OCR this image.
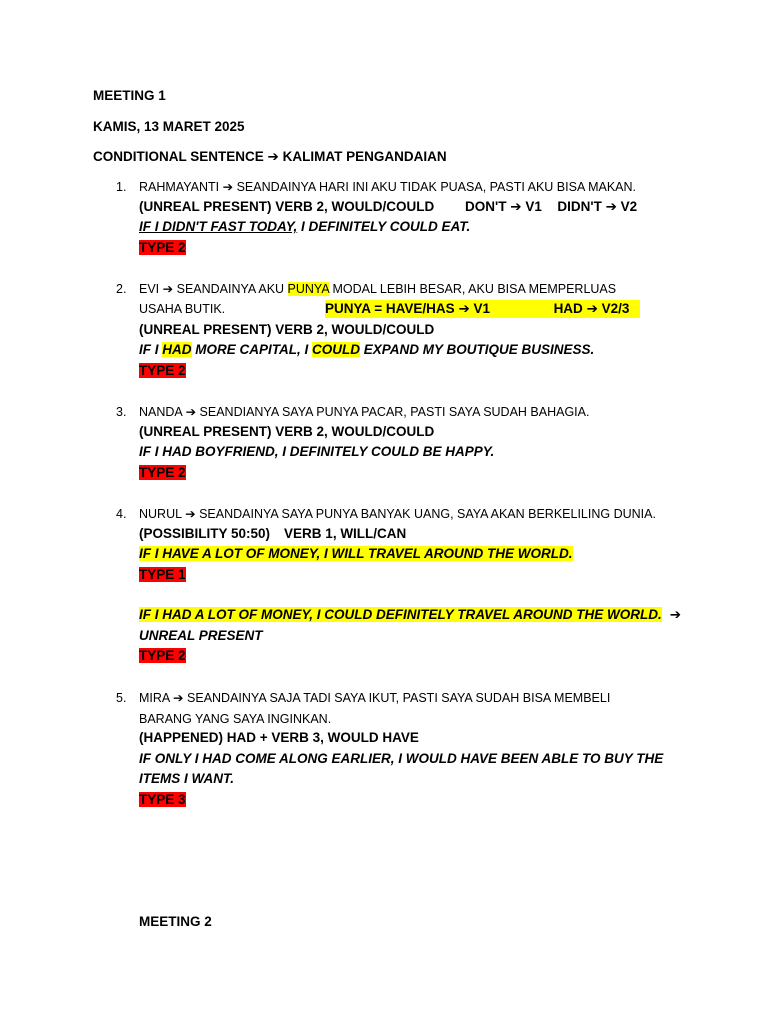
MEETING 1
KAMIS, 13 MARET 2025
CONDITIONAL SENTENCE ➔ KALIMAT PENGANDAIAN
1. RAHMAYANTI ➔ SEANDAINYA HARI INI AKU TIDAK PUASA, PASTI AKU BISA MAKAN.
(UNREAL PRESENT) VERB 2, WOULD/COULD DON'T ➔ V1 DIDN'T ➔ V2
IF I DIDN'T FAST TODAY, I DEFINITELY COULD EAT.
TYPE 2
2. EVI ➔ SEANDAINYA AKU PUNYA MODAL LEBIH BESAR, AKU BISA MEMPERLUAS
USAHA BUTIK.	PUNYA = HAVE/HAS ➔ V1	HAD ➔ V2/3
(UNREAL PRESENT) VERB 2, WOULD/COULD
IF I HAD MORE CAPITAL, I COULD EXPAND MY BOUTIQUE BUSINESS.
TYPE 2
3. NANDA ➔ SEANDIANYA SAYA PUNYA PACAR, PASTI SAYA SUDAH BAHAGIA.
(UNREAL PRESENT) VERB 2, WOULD/COULD
IF I HAD BOYFRIEND, I DEFINITELY COULD BE HAPPY.
TYPE 2
4. NURUL ➔ SEANDAINYA SAYA PUNYA BANYAK UANG, SAYA AKAN BERKELILING DUNIA.
(POSSIBILITY 50:50) VERB 1, WILL/CAN
IF I HAVE A LOT OF MONEY, I WILL TRAVEL AROUND THE WORLD.
TYPE 1
IF I HAD A LOT OF MONEY, I COULD DEFINITELY TRAVEL AROUND THE WORLD. ➔
UNREAL PRESENT
TYPE 2
5. MIRA ➔ SEANDAINYA SAJA TADI SAYA IKUT, PASTI SAYA SUDAH BISA MEMBELI
BARANG YANG SAYA INGINKAN.
(HAPPENED) HAD + VERB 3, WOULD HAVE
IF ONLY I HAD COME ALONG EARLIER, I WOULD HAVE BEEN ABLE TO BUY THE
ITEMS I WANT.
TYPE 3
MEETING 2
